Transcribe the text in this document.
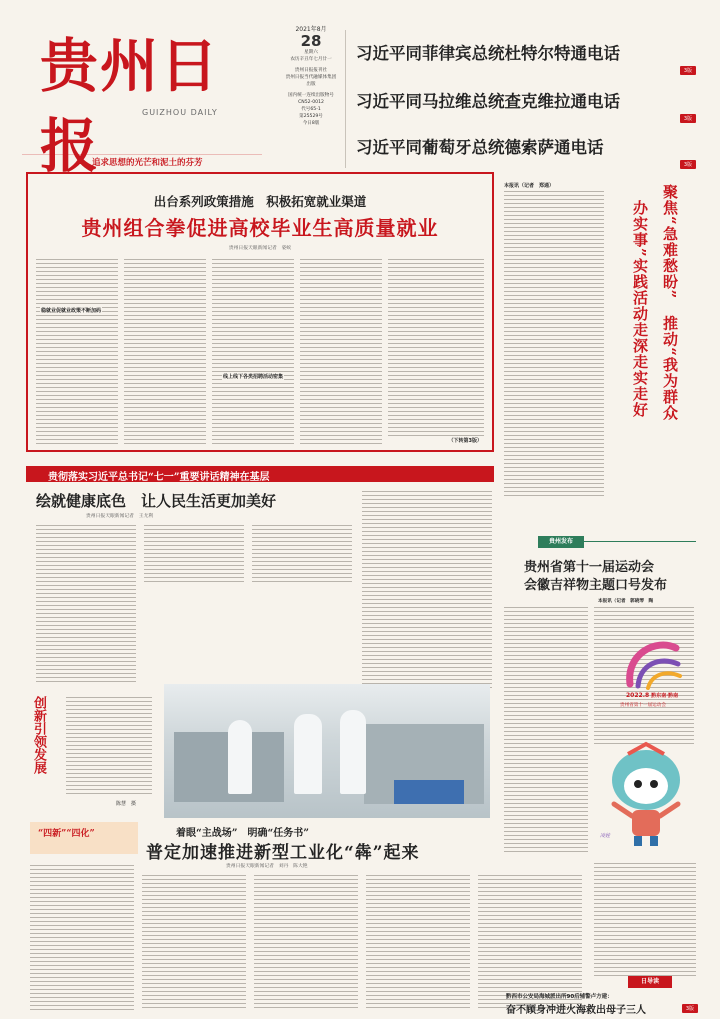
贵州日报	GUIZHOU DAILY
追求思想的光芒和泥土的芬芳
2021年8月
28
星期六
农历辛丑年七月廿一
贵州日报报刊社
贵州日报当代融媒体集团
出版
国内统一连续出版物号
CN52-0012
代号65-1
第25529号
今日8版
习近平同菲律宾总统杜特尔特通电话
3版
习近平同马拉维总统查克维拉通电话
3版
习近平同葡萄牙总统德索萨通电话
3版
出台系列政策措施　积极拓宽就业渠道
贵州组合拳促进高校毕业生高质量就业
贵州日报天眼新闻记者　姿蚁
稳就业促就业政策不断加码
线上线下各类招聘活动密集
（下转第3版）
本报讯（记者　郑通）	聚焦“急难愁盼”　推动“我为群众
办实事”实践活动走深走实走好
贵彻落实习近平总书记“七一”重要讲话精神在基层
绘就健康底色　让人民生活更加美好
贵州日报天眼新闻记者　王尤利
创新引领发展
陈慧　摄
贵州发布
贵州省第十一届运动会
会徽吉祥物主题口号发布
本报讯（记者　郭晓琴　陶
2022.8 黔东南·黔南
贵州省第十一届运动会
凌娃
“四新”“四化”	着眼“主战场”　明确“任务书”
普定加速推进新型工业化“犇”起来
贵州日报天眼新闻记者　刘丹　陈大艳
日导读
黔西市公安局海城派出所90后辅警卢方建：
奋不顾身冲进火海救出母子三人	3版
